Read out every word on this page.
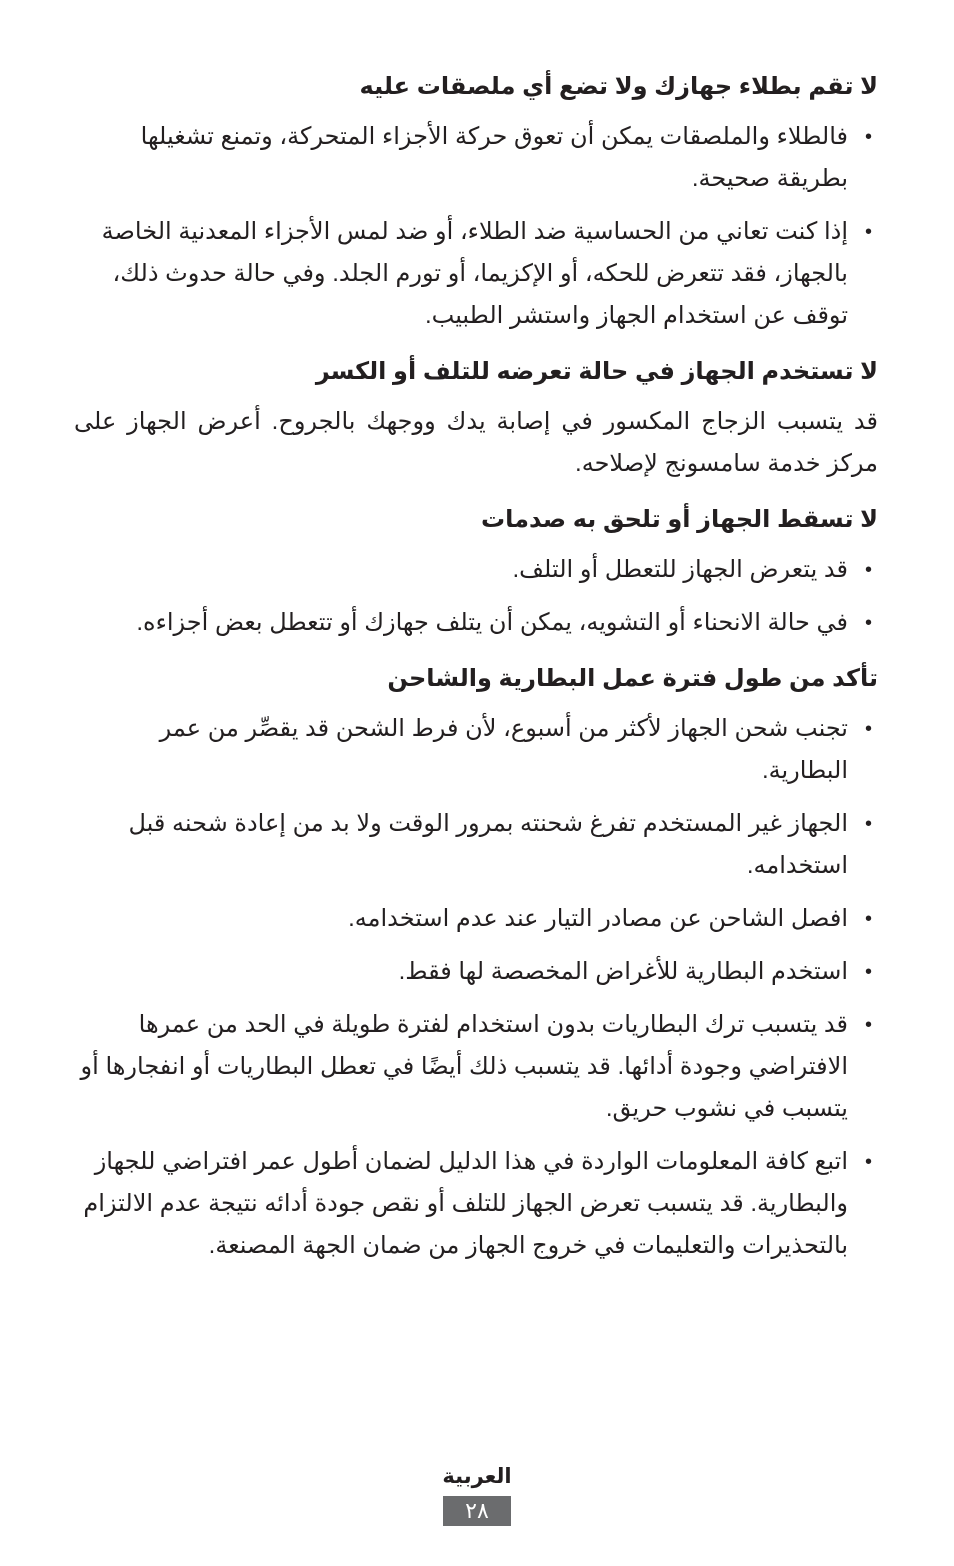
لا تقم بطلاء جهازك ولا تضع أي ملصقات عليه
• فالطلاء والملصقات يمكن أن تعوق حركة الأجزاء المتحركة، وتمنع تشغيلها بطريقة صحيحة.
• إذا كنت تعاني من الحساسية ضد الطلاء، أو ضد لمس الأجزاء المعدنية الخاصة بالجهاز، فقد تتعرض للحكه، أو الإكزيما، أو تورم الجلد. وفي حالة حدوث ذلك، توقف عن استخدام الجهاز واستشر الطبيب.
لا تستخدم الجهاز في حالة تعرضه للتلف أو الكسر

قد يتسبب الزجاج المكسور في إصابة يدك ووجهك بالجروح. أعرض الجهاز على مركز خدمة سامسونج لإصلاحه.

لا تسقط الجهاز أو تلحق به صدمات
• قد يتعرض الجهاز للتعطل أو التلف.
• في حالة الانحناء أو التشويه، يمكن أن يتلف جهازك أو تتعطل بعض أجزاءه.
تأكد من طول فترة عمل البطارية والشاحن
• تجنب شحن الجهاز لأكثر من أسبوع، لأن فرط الشحن قد يقصِّر من عمر البطارية.
• الجهاز غير المستخدم تفرغ شحنته بمرور الوقت ولا بد من إعادة شحنه قبل استخدامه.
• افصل الشاحن عن مصادر التيار عند عدم استخدامه.
• استخدم البطارية للأغراض المخصصة لها فقط.
• قد يتسبب ترك البطاريات بدون استخدام لفترة طويلة في الحد من عمرها الافتراضي وجودة أدائها. قد يتسبب ذلك أيضًا في تعطل البطاريات أو انفجارها أو يتسبب في نشوب حريق.
• اتبع كافة المعلومات الواردة في هذا الدليل لضمان أطول عمر افتراضي للجهاز والبطارية. قد يتسبب تعرض الجهاز للتلف أو نقص جودة أدائه نتيجة عدم الالتزام بالتحذيرات والتعليمات في خروج الجهاز من ضمان الجهة المصنعة.
العربية
٢٨
